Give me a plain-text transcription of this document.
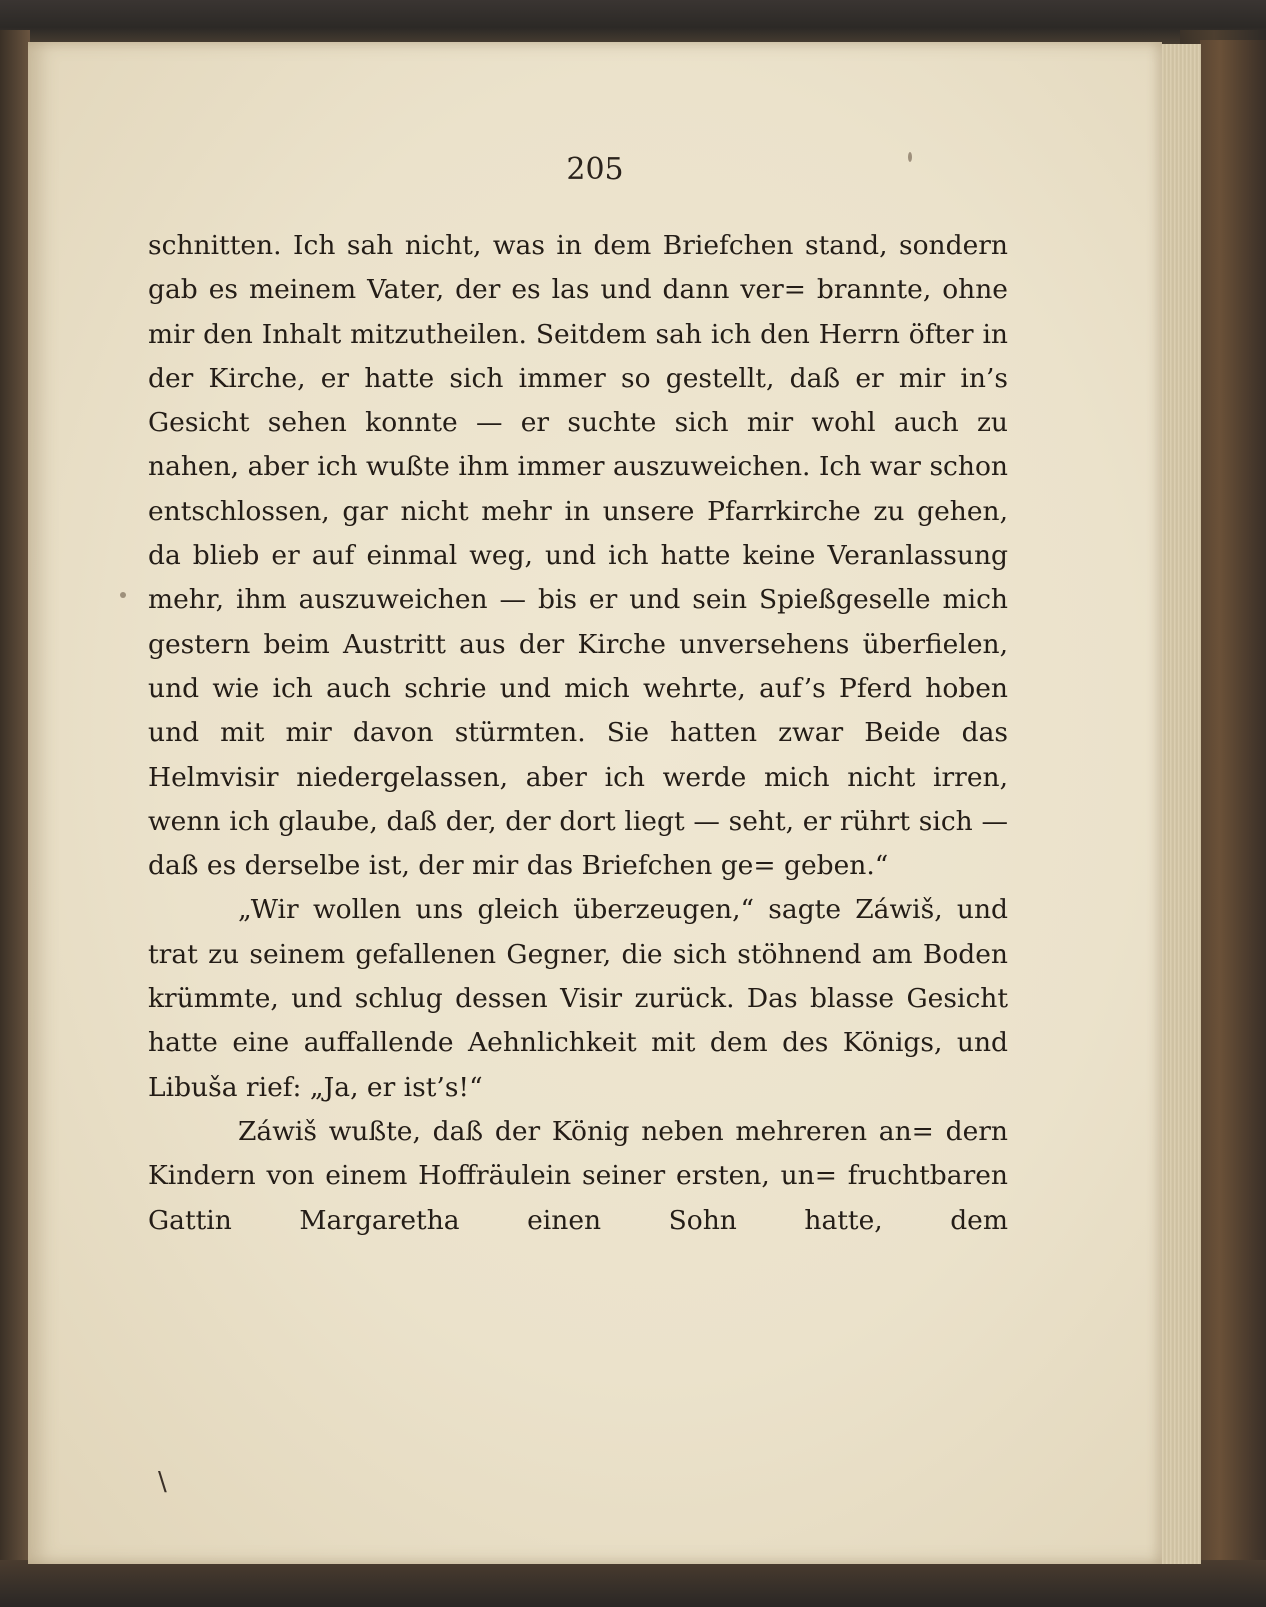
205

schnitten. Ich sah nicht, was in dem Briefchen stand, sondern gab es meinem Vater, der es las und dann ver= brannte, ohne mir den Inhalt mitzutheilen. Seitdem sah ich den Herrn öfter in der Kirche, er hatte sich immer so gestellt, daß er mir in’s Gesicht sehen konnte — er suchte sich mir wohl auch zu nahen, aber ich wußte ihm immer auszuweichen. Ich war schon entschlossen, gar nicht mehr in unsere Pfarrkirche zu gehen, da blieb er auf einmal weg, und ich hatte keine Veranlassung mehr, ihm auszuweichen — bis er und sein Spießgeselle mich gestern beim Austritt aus der Kirche unversehens überfielen, und wie ich auch schrie und mich wehrte, auf’s Pferd hoben und mit mir davon stürmten. Sie hatten zwar Beide das Helmvisir niedergelassen, aber ich werde mich nicht irren, wenn ich glaube, daß der, der dort liegt — seht, er rührt sich — daß es derselbe ist, der mir das Briefchen ge= geben.“

„Wir wollen uns gleich überzeugen,“ sagte Záwiš, und trat zu seinem gefallenen Gegner, die sich stöhnend am Boden krümmte, und schlug dessen Visir zurück. Das blasse Gesicht hatte eine auffallende Aehnlichkeit mit dem des Königs, und Libuša rief: „Ja, er ist’s!“

Záwiš wußte, daß der König neben mehreren an= dern Kindern von einem Hoffräulein seiner ersten, un= fruchtbaren Gattin Margaretha einen Sohn hatte, dem

\
